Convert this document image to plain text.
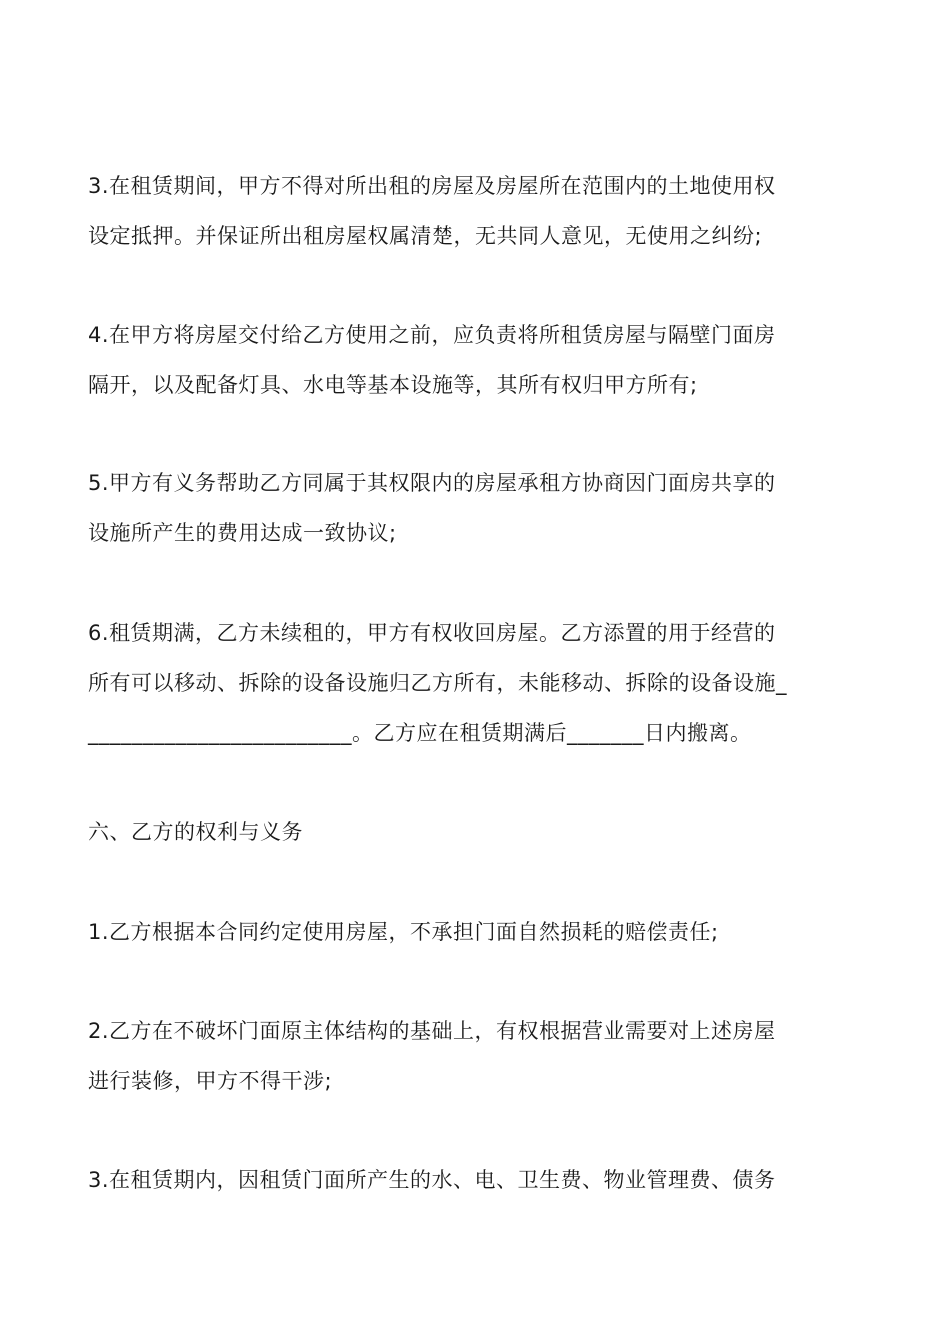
3.在租赁期间，甲方不得对所出租的房屋及房屋所在范围内的土地使用权
设定抵押。并保证所出租房屋权属清楚，无共同人意见，无使用之纠纷;
4.在甲方将房屋交付给乙方使用之前，应负责将所租赁房屋与隔壁门面房
隔开，以及配备灯具、水电等基本设施等，其所有权归甲方所有;
5.甲方有义务帮助乙方同属于其权限内的房屋承租方协商因门面房共享的
设施所产生的费用达成一致协议;
6.租赁期满，乙方未续租的，甲方有权收回房屋。乙方添置的用于经营的
所有可以移动、拆除的设备设施归乙方所有，未能移动、拆除的设备设施_
________________________。乙方应在租赁期满后_______日内搬离。
六、乙方的权利与义务
1.乙方根据本合同约定使用房屋，不承担门面自然损耗的赔偿责任;
2.乙方在不破坏门面原主体结构的基础上，有权根据营业需要对上述房屋
进行装修，甲方不得干涉;
3.在租赁期内，因租赁门面所产生的水、电、卫生费、物业管理费、债务
